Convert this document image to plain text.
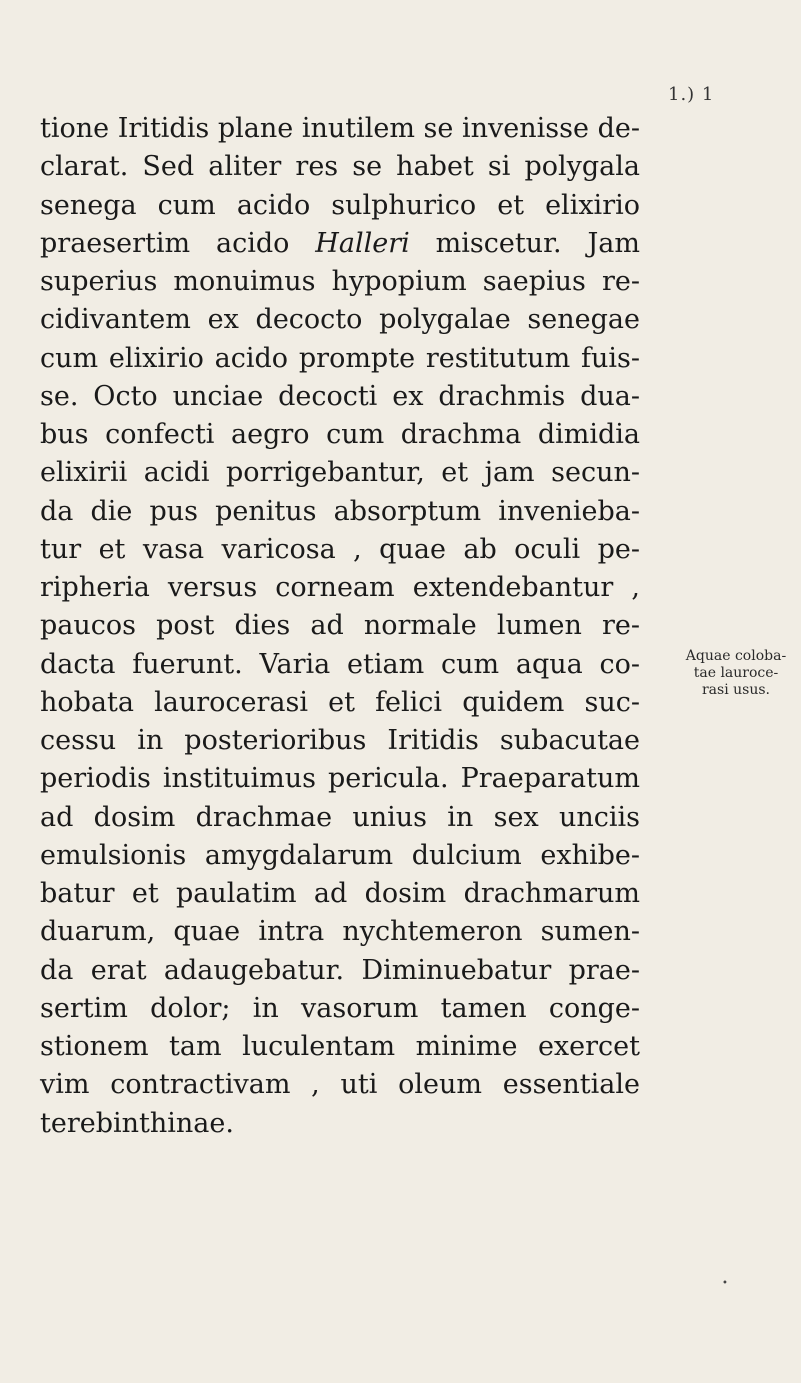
1.) 1
tione Iritidis plane inutilem se invenisse de-
clarat. Sed aliter res se habet si polygala
senega cum acido sulphurico et elixirio
praesertim acido Halleri miscetur. Jam
superius monuimus hypopium saepius re-
cidivantem ex decocto polygalae senegae
cum elixirio acido prompte restitutum fuis-
se. Octo unciae decocti ex drachmis dua-
bus confecti aegro cum drachma dimidia
elixirii acidi porrigebantur, et jam secun-
da die pus penitus absorptum invenieba-
tur et vasa varicosa , quae ab oculi pe-
ripheria versus corneam extendebantur ,
paucos post dies ad normale lumen re-
dacta fuerunt. Varia etiam cum aqua co-
hobata laurocerasi et felici quidem suc-
cessu in posterioribus Iritidis subacutae
periodis instituimus pericula. Praeparatum
ad dosim drachmae unius in sex unciis
emulsionis amygdalarum dulcium exhibe-
batur et paulatim ad dosim drachmarum
duarum, quae intra nychtemeron sumen-
da erat adaugebatur. Diminuebatur prae-
sertim dolor; in vasorum tamen conge-
stionem tam luculentam minime exercet
vim contractivam , uti oleum essentiale
terebinthinae.
Aquae coloba-
tae lauroce-
rasi usus.
•
